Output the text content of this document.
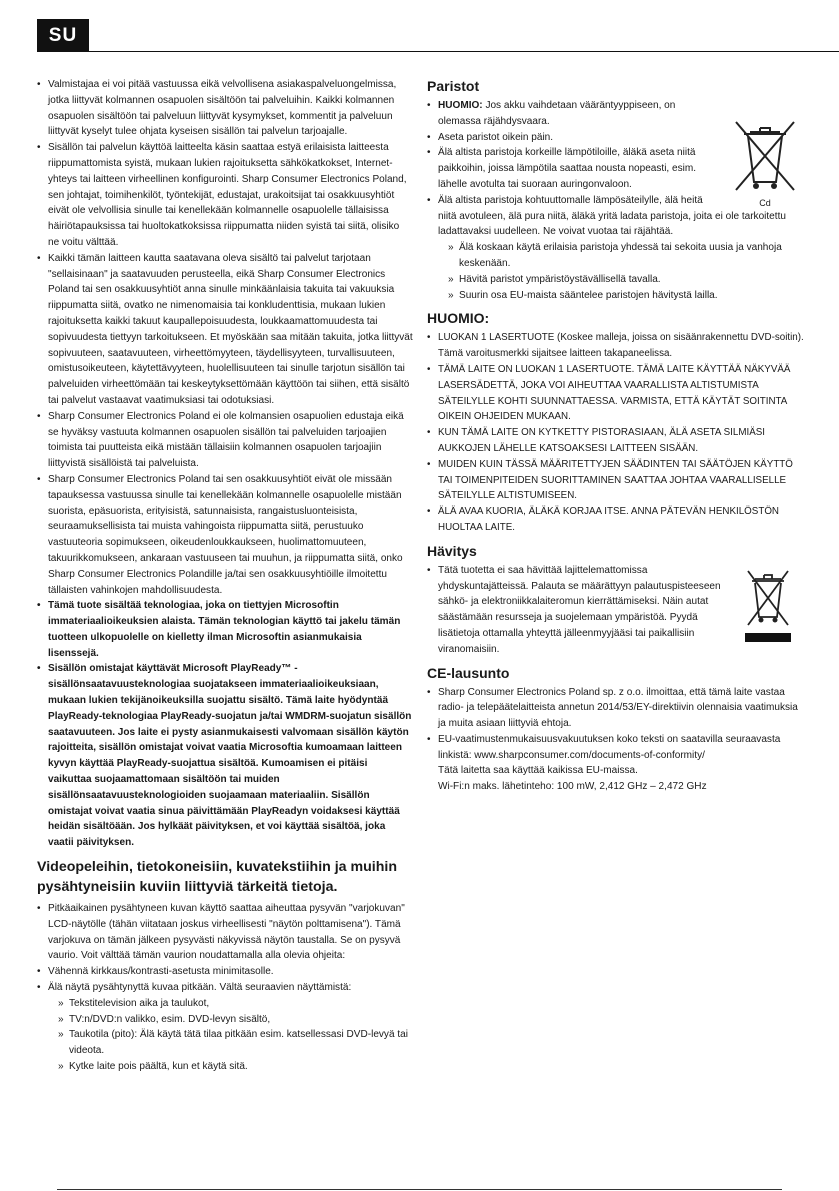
SU
• Valmistajaa ei voi pitää vastuussa eikä velvollisena asiakaspalveluongelmissa, jotka liittyvät kolmannen osapuolen sisältöön tai palveluihin. Kaikki kolmannen osapuolen sisältöön tai palveluun liittyvät kysymykset, kommentit ja palveluun liittyvät kyselyt tulee ohjata kyseisen sisällön tai palvelun tarjoajalle.
• Sisällön tai palvelun käyttöä laitteelta käsin saattaa estyä erilaisista laitteesta riippumattomista syistä, mukaan lukien rajoituksetta sähkökatkokset, Internet-yhteys tai laitteen virheellinen konfigurointi. Sharp Consumer Electronics Poland, sen johtajat, toimihenkilöt, työntekijät, edustajat, urakoitsijat tai osakkuusyhtiöt eivät ole velvollisia sinulle tai kenellekään kolmannelle osapuolelle tällaisissa häiriötapauksissa tai huoltokatkoksissa riippumatta niiden syistä tai siitä, olisiko ne voitu välttää.
• Kaikki tämän laitteen kautta saatavana oleva sisältö tai palvelut tarjotaan "sellaisinaan" ja saatavuuden perusteella, eikä Sharp Consumer Electronics Poland tai sen osakkuusyhtiöt anna sinulle minkäänlaisia takuita tai vakuuksia riippumatta siitä, ovatko ne nimenomaisia tai konkludenttisia, mukaan lukien rajoituksetta kaikki takuut kaupallepoisuudesta, loukkaamattomuudesta tai sopivuudesta tiettyyn tarkoitukseen. Et myöskään saa mitään takuita, jotka liittyvät sopivuuteen, saatavuuteen, virheettömyyteen, täydellisyyteen, turvallisuuteen, omistusoikeuteen, käytettävyyteen, huolellisuuteen tai sinulle tarjotun sisällön tai palveluiden virheettömään tai keskeytyksettömään käyttöön tai siihen, että sisältö tai palvelut vastaavat vaatimuksiasi tai odotuksiasi.
• Sharp Consumer Electronics Poland ei ole kolmansien osapuolien edustaja eikä se hyväksy vastuuta kolmannen osapuolen sisällön tai palveluiden tarjoajien toimista tai puutteista eikä mistään tällaisiin kolmannen osapuolen tarjoajiin liittyvistä sisällöistä tai palveluista.
• Sharp Consumer Electronics Poland tai sen osakkuusyhtiöt eivät ole missään tapauksessa vastuussa sinulle tai kenellekään kolmannelle osapuolelle mistään suorista, epäsuorista, erityisistä, satunnaisista, rangaistusluonteisista, seuraamuksellisista tai muista vahingoista riippumatta siitä, perustuuko vastuuteoria sopimukseen, oikeudenloukkaukseen, huolimattomuuteen, takuurikkomukseen, ankaraan vastuuseen tai muuhun, ja riippumatta siitä, onko Sharp Consumer Electronics Polandille ja/tai sen osakkuusyhtiöille ilmoitettu tällaisten vahinkojen mahdollisuudesta.
• Tämä tuote sisältää teknologiaa, joka on tiettyjen Microsoftin immateriaalioikeuksien alaista. Tämän teknologian käyttö tai jakelu tämän tuotteen ulkopuolelle on kielletty ilman Microsoftin asianmukaisia lisenssejä.
• Sisällön omistajat käyttävät Microsoft PlayReady™ -sisällönsaatavuusteknologiaa suojatakseen immateriaalioikeuksiaan, mukaan lukien tekijänoikeuksilla suojattu sisältö. Tämä laite hyödyntää PlayReady-teknologiaa PlayReady-suojatun ja/tai WMDRM-suojatun sisällön saatavuuteen. Jos laite ei pysty asianmukaisesti valvomaan sisällön käytön rajoitteita, sisällön omistajat voivat vaatia Microsoftia kumoamaan laitteen kyvyn käyttää PlayReady-suojattua sisältöä. Kumoamisen ei pitäisi vaikuttaa suojaamattomaan sisältöön tai muiden sisällönsaatavuusteknologioiden suojaamaan materiaaliin. Sisällön omistajat voivat vaatia sinua päivittämään PlayReadyn voidaksesi käyttää heidän sisältöään. Jos hylkäät päivityksen, et voi käyttää sisältöä, joka vaatii päivityksen.
Videopeleihin, tietokoneisiin, kuvatekstiihin ja muihin pysähtyneisiin kuviin liittyviä tärkeitä tietoja.
• Pitkäaikainen pysähtyneen kuvan käyttö saattaa aiheuttaa pysyvän "varjokuvan" LCD-näytölle (tähän viitataan joskus virheellisesti "näytön polttamisena"). Tämä varjokuva on tämän jälkeen pysyvästi näkyvissä näytön taustalla. Se on pysyvä vaurio. Voit välttää tämän vaurion noudattamalla alla olevia ohjeita:
• Vähennä kirkkaus/kontrasti-asetusta minimitasolle.
• Älä näytä pysähtynyttä kuvaa pitkään. Vältä seuraavien näyttämistä:
» Tekstitelevision aika ja taulukot,
» TV:n/DVD:n valikko, esim. DVD-levyn sisältö,
» Taukotila (pito): Älä käytä tätä tilaa pitkään esim. katsellessasi DVD-levyä tai videota.
» Kytke laite pois päältä, kun et käytä sitä.
Paristot
Cd
• HUOMIO: Jos akku vaihdetaan vääräntyyppiseen, on olemassa räjähdysvaara.
• Aseta paristot oikein päin.
• Älä altista paristoja korkeille lämpötiloille, äläkä aseta niitä paikkoihin, joissa lämpötila saattaa nousta nopeasti, esim. lähelle avotulta tai suoraan auringonvaloon.
• Älä altista paristoja kohtuuttomalle lämpösäteilylle, älä heitä niitä avotuleen, älä pura niitä, äläkä yritä ladata paristoja, joita ei ole tarkoitettu ladattavaksi uudelleen. Ne voivat vuotaa tai räjähtää.
» Älä koskaan käytä erilaisia paristoja yhdessä tai sekoita uusia ja vanhoja keskenään.
» Hävitä paristot ympäristöystävällisellä tavalla.
» Suurin osa EU-maista sääntelee paristojen hävitystä lailla.
HUOMIO:
• LUOKAN 1 LASERTUOTE (Koskee malleja, joissa on sisäänrakennettu DVD-soitin). Tämä varoitusmerkki sijaitsee laitteen takapaneelissa.
• TÄMÄ LAITE ON LUOKAN 1 LASERTUOTE. TÄMÄ LAITE KÄYTTÄÄ NÄKYVÄÄ LASERSÄDETTÄ, JOKA VOI AIHEUTTAA VAARALLISTA ALTISTUMISTA SÄTEILYLLE KOHTI SUUNNATTAESSA. VARMISTA, ETTÄ KÄYTÄT SOITINTA OIKEIN OHJEIDEN MUKAAN.
• KUN TÄMÄ LAITE ON KYTKETTY PISTORASIAAN, ÄLÄ ASETA SILMIÄSI AUKKOJEN LÄHELLE KATSOAKSESI LAITTEEN SISÄÄN.
• MUIDEN KUIN TÄSSÄ MÄÄRITETTYJEN SÄÄDINTEN TAI SÄÄTÖJEN KÄYTTÖ TAI TOIMENPITEIDEN SUORITTAMINEN SAATTAA JOHTAA VAARALLISELLE SÄTEILYLLE ALTISTUMISEEN.
• ÄLÄ AVAA KUORIA, ÄLÄKÄ KORJAA ITSE. ANNA PÄTEVÄN HENKILÖSTÖN HUOLTAA LAITE.
Hävitys
• Tätä tuotetta ei saa hävittää lajittelemattomissa yhdyskuntajätteissä. Palauta se määrättyyn palautuspisteeseen sähkö- ja elektroniikkalaiteromun kierrättämiseksi. Näin autat säästämään resursseja ja suojelemaan ympäristöä. Pyydä lisätietoja ottamalla yhteyttä jälleenmyyjääsi tai paikallisiin viranomaisiin.
CE-lausunto
• Sharp Consumer Electronics Poland sp. z o.o. ilmoittaa, että tämä laite vastaa radio- ja telepäätelaitteista annetun 2014/53/EY-direktiivin olennaisia vaatimuksia ja muita asiaan liittyviä ehtoja.
• EU-vaatimustenmukaisuusvakuutuksen koko teksti on saatavilla seuraavasta linkistä: www.sharpconsumer.com/documents-of-conformity/
Tätä laitetta saa käyttää kaikissa EU-maissa.
Wi-Fi:n maks. lähetinteho: 100 mW, 2,412 GHz – 2,472 GHz
